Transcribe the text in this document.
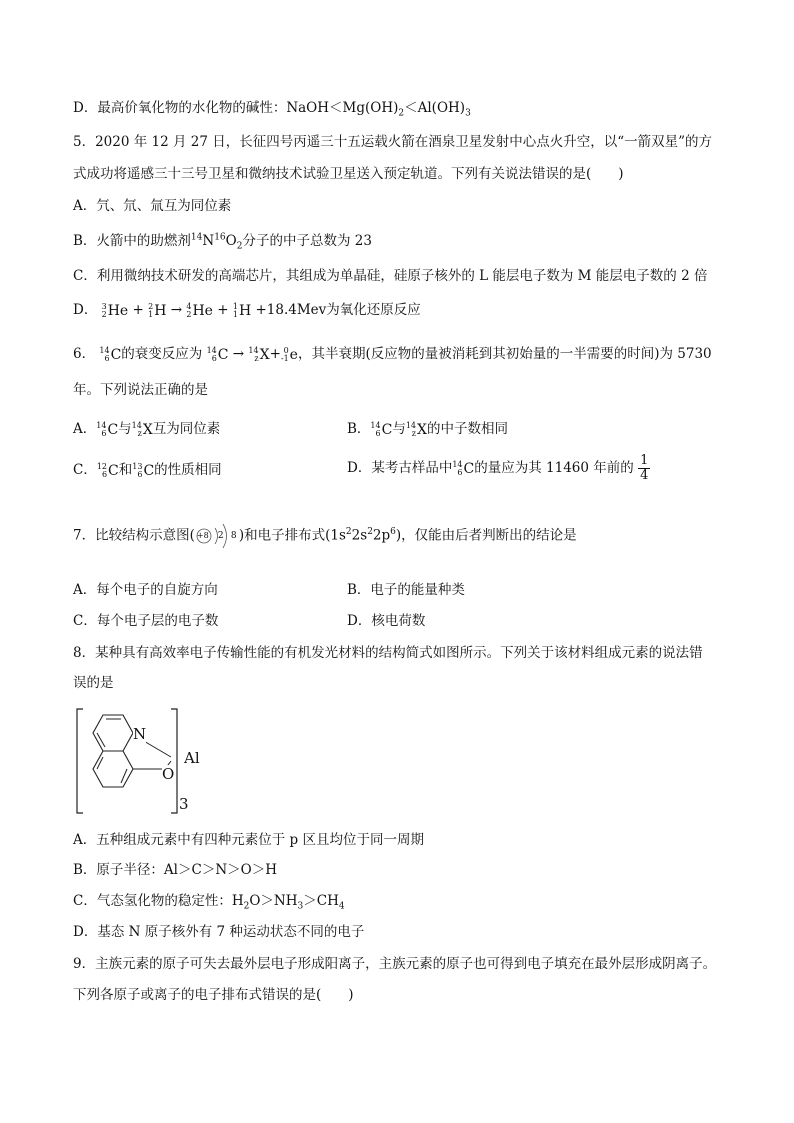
D．最高价氧化物的水化物的碱性：$NaOH<Mg(OH)_2<Al(OH)_3$
5．2020 年 12 月 27 日，长征四号丙遥三十五运载火箭在酒泉卫星发射中心点火升空，以“一箭双星”的方
式成功将遥感三十三号卫星和微纳技术试验卫星送入预定轨道。下列有关说法错误的是(　　)
A．氕、氘、氚互为同位素
B．火箭中的助燃剂$^{14}N^{16}O_2$分子的中子总数为 23
C．利用微纳技术研发的高端芯片，其组成为单晶硅，硅原子核外的 L 能层电子数为 M 能层电子数的 2 倍
D． 3
2 He + 2
1 H → 4
2 He + 1
1 H +18.4Mev为氧化还原反应
6． 14
6 C 的衰变反应为 14
6 C → 14
z X + 0
-1 e ，其半衰期(反应物的量被消耗到其初始量的一半需要的时间)为 5730
年。下列说法正确的是
A． 14
6 C 与 14
z X 互为同位素	B． 14
6 C 与 14
z X 的中子数相同
C． 12
6 C 和 13
6 C 的性质相同	D．某考古样品中 14
6 C 的量应为其 11460 年前的 $\frac{1}{4}$
7．比较结构示意图( +8 2 8 )和电子排布式$(1s^22s^22p^6)$，仅能由后者判断出的结论是
A．每个电子的自旋方向	B．电子的能量种类
C．每个电子层的电子数	D．核电荷数
8．某种具有高效率电子传输性能的有机发光材料的结构简式如图所示。下列关于该材料组成元素的说法错
误的是
N
O
Al
3
A．五种组成元素中有四种元素位于 p 区且均位于同一周期
B．原子半径：Al＞C＞N＞O＞H
C．气态氢化物的稳定性：$H_2O>NH_3>CH_4$
D．基态 N 原子核外有 7 种运动状态不同的电子
9．主族元素的原子可失去最外层电子形成阳离子，主族元素的原子也可得到电子填充在最外层形成阴离子。
下列各原子或离子的电子排布式错误的是(　　)
